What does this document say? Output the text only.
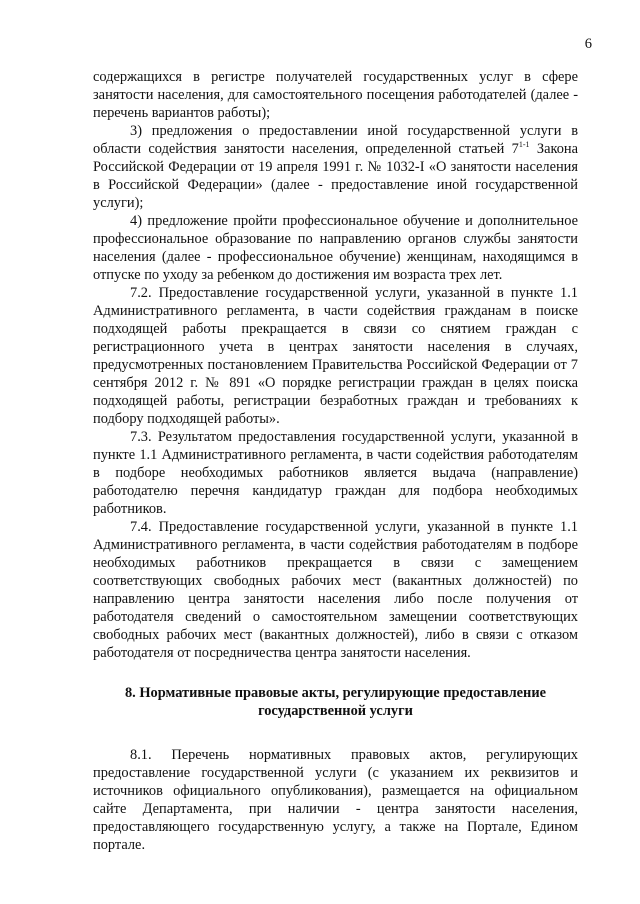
6

содержащихся в регистре получателей государственных услуг в сфере занятости населения, для самостоятельного посещения работодателей (далее - перечень вариантов работы);

3) предложения о предоставлении иной государственной услуги в области содействия занятости населения, определенной статьей 7$^{1-1}$ Закона Российской Федерации от 19 апреля 1991 г. № 1032-I «О занятости населения в Российской Федерации» (далее - предоставление иной государственной услуги);

4) предложение пройти профессиональное обучение и дополнительное профессиональное образование по направлению органов службы занятости населения (далее - профессиональное обучение) женщинам, находящимся в отпуске по уходу за ребенком до достижения им возраста трех лет.

7.2. Предоставление государственной услуги, указанной в пункте 1.1 Административного регламента, в части содействия гражданам в поиске подходящей работы прекращается в связи со снятием граждан с регистрационного учета в центрах занятости населения в случаях, предусмотренных постановлением Правительства Российской Федерации от 7 сентября 2012 г. № 891 «О порядке регистрации граждан в целях поиска подходящей работы, регистрации безработных граждан и требованиях к подбору подходящей работы».

7.3. Результатом предоставления государственной услуги, указанной в пункте 1.1 Административного регламента, в части содействия работодателям в подборе необходимых работников является выдача (направление) работодателю перечня кандидатур граждан для подбора необходимых работников.

7.4. Предоставление государственной услуги, указанной в пункте 1.1 Административного регламента, в части содействия работодателям в подборе необходимых работников прекращается в связи с замещением соответствующих свободных рабочих мест (вакантных должностей) по направлению центра занятости населения либо после получения от работодателя сведений о самостоятельном замещении соответствующих свободных рабочих мест (вакантных должностей), либо в связи с отказом работодателя от посредничества центра занятости населения.

8. Нормативные правовые акты, регулирующие предоставление
государственной услуги

8.1. Перечень нормативных правовых актов, регулирующих предоставление государственной услуги (с указанием их реквизитов и источников официального опубликования), размещается на официальном сайте Департамента, при наличии - центра занятости населения, предоставляющего государственную услугу, а также на Портале, Едином портале.
